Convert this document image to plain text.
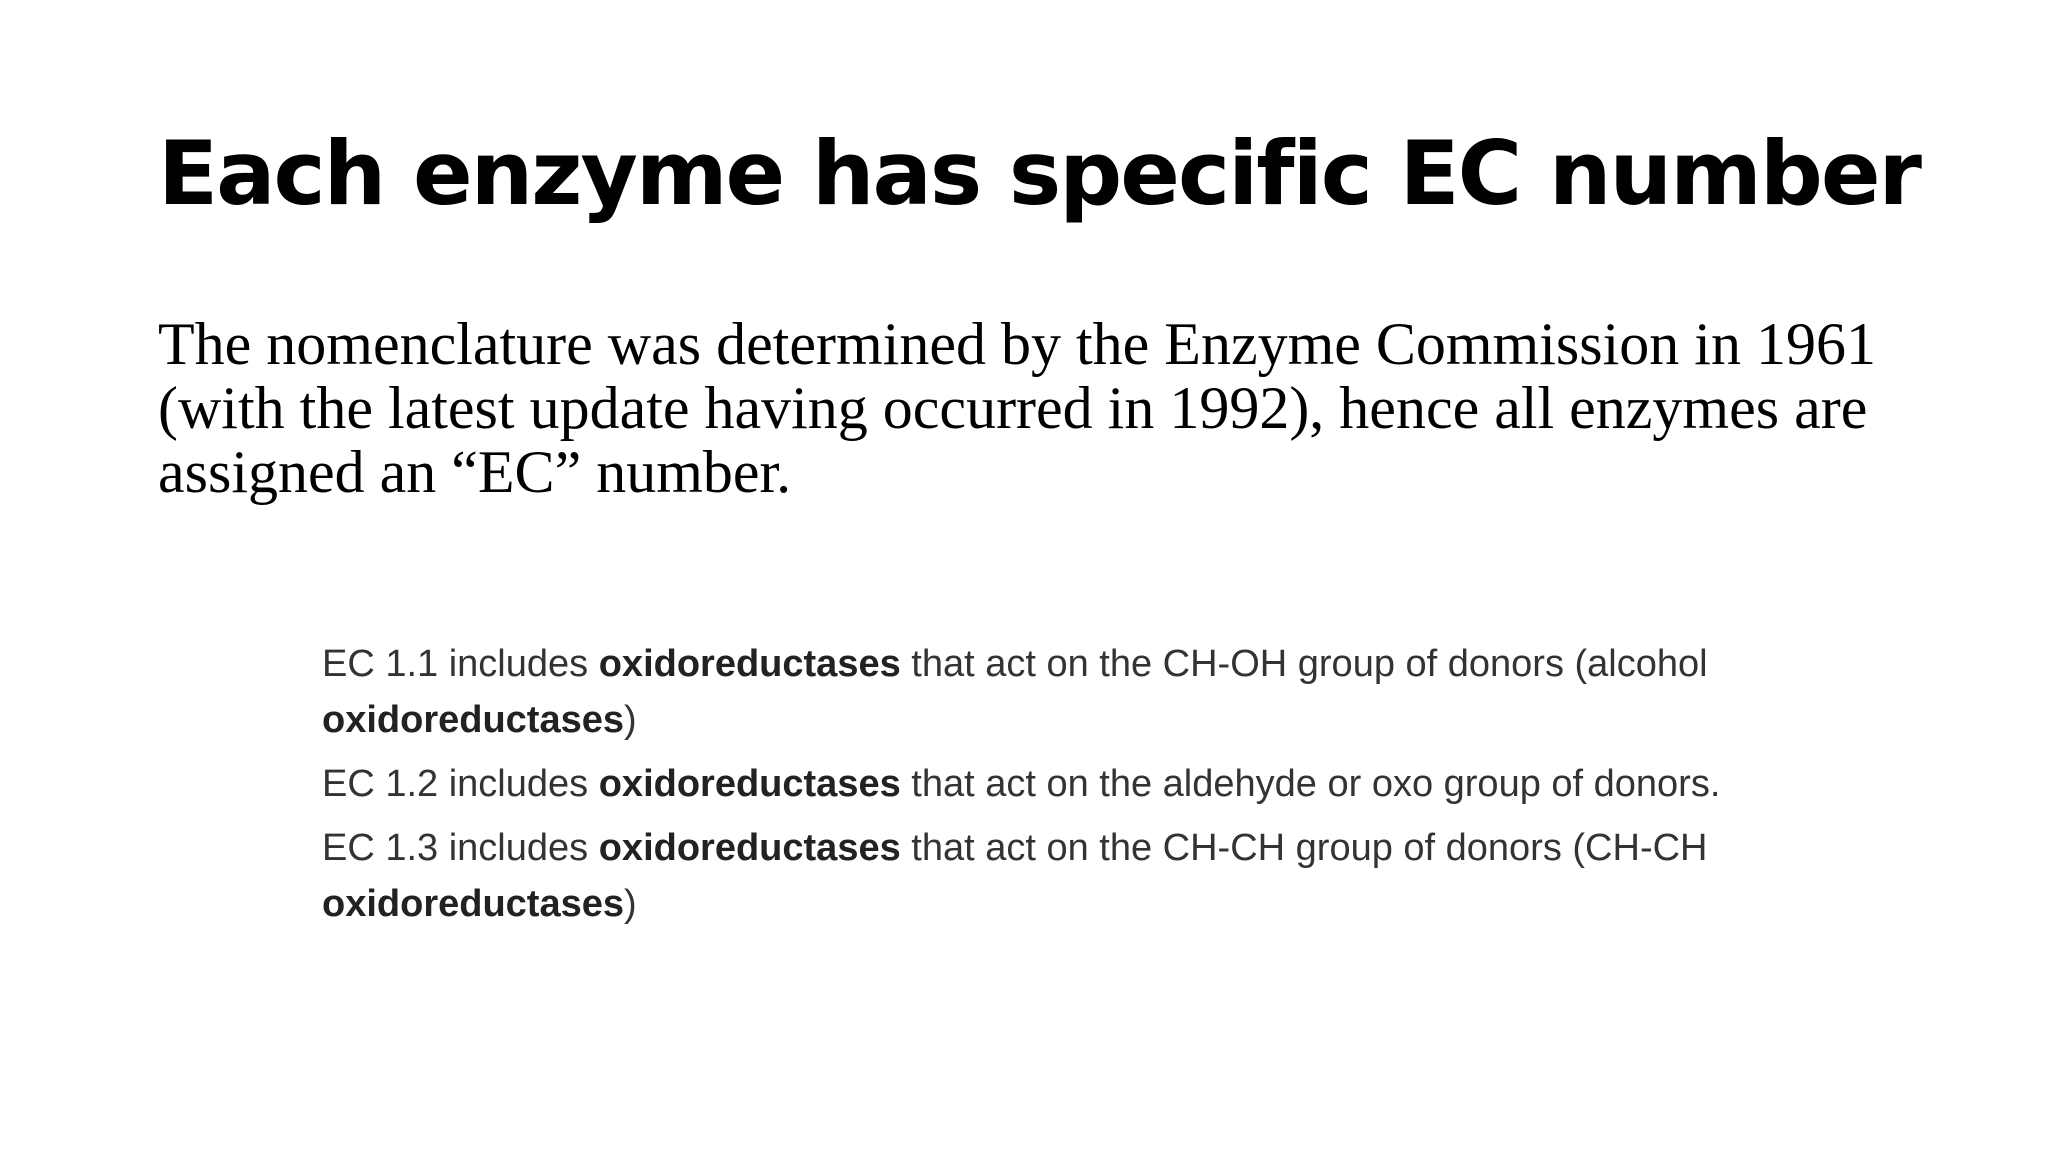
Each enzyme has specific EC number

The nomenclature was determined by the Enzyme Commission in 1961 (with the latest update having occurred in 1992), hence all enzymes are assigned an “EC” number.

EC 1.1 includes oxidoreductases that act on the CH-OH group of donors (alcohol oxidoreductases)
EC 1.2 includes oxidoreductases that act on the aldehyde or oxo group of donors.
EC 1.3 includes oxidoreductases that act on the CH-CH group of donors (CH-CH oxidoreductases)
